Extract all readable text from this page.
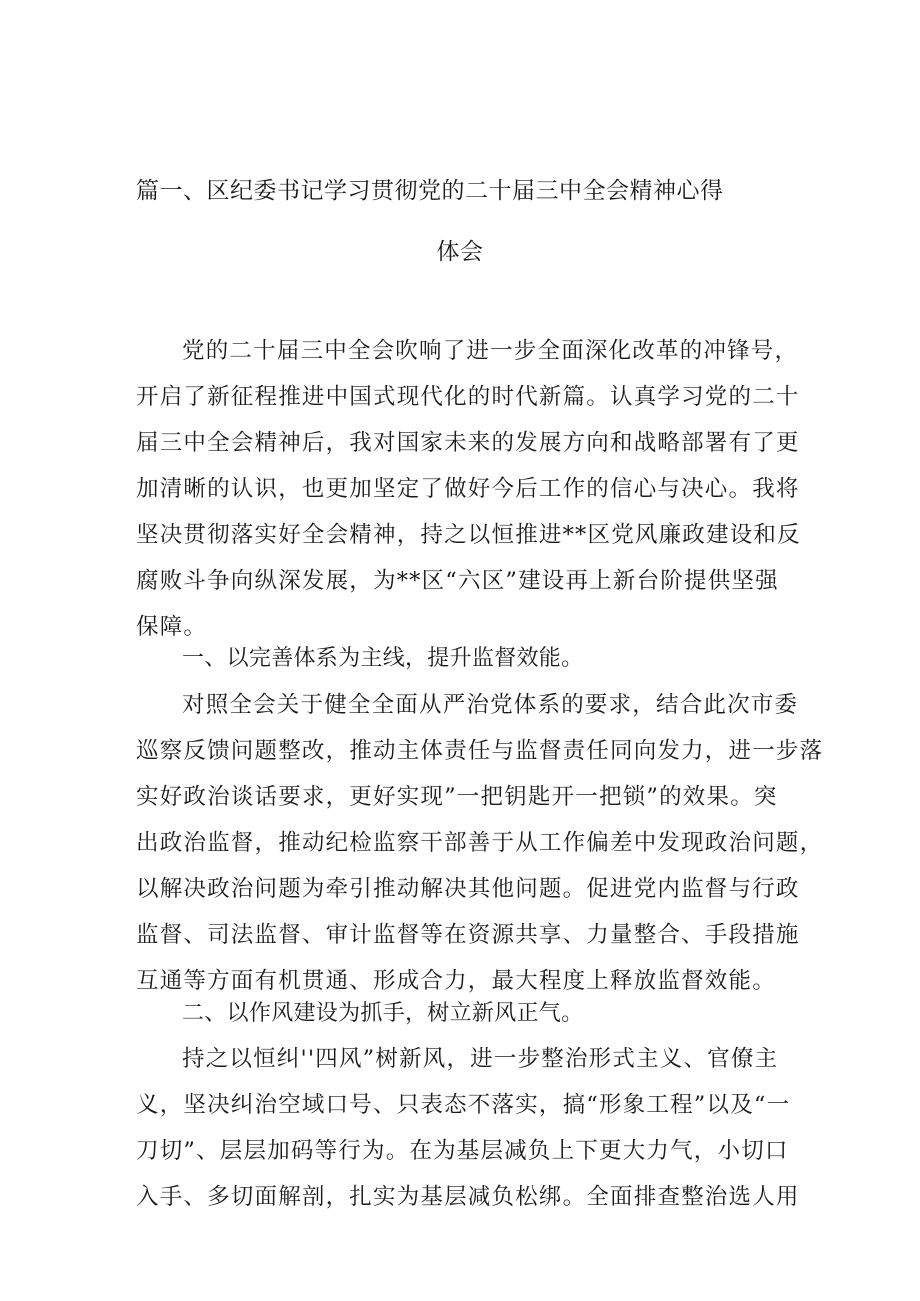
篇一、区纪委书记学习贯彻党的二十届三中全会精神心得
体会
党的二十届三中全会吹响了进一步全面深化改革的冲锋号，
开启了新征程推进中国式现代化的时代新篇。认真学习党的二十
届三中全会精神后，我对国家未来的发展方向和战略部署有了更
加清晰的认识，也更加坚定了做好今后工作的信心与决心。我将
坚决贯彻落实好全会精神，持之以恒推进**区党风廉政建设和反
腐败斗争向纵深发展，为**区“六区”建设再上新台阶提供坚强
保障。
一、以完善体系为主线，提升监督效能。
对照全会关于健全全面从严治党体系的要求，结合此次市委
巡察反馈问题整改，推动主体责任与监督责任同向发力，进一步落
实好政治谈话要求，更好实现”一把钥匙开一把锁”的效果。突
出政治监督，推动纪检监察干部善于从工作偏差中发现政治问题，
以解决政治问题为牵引推动解决其他问题。促进党内监督与行政
监督、司法监督、审计监督等在资源共享、力量整合、手段措施
互通等方面有机贯通、形成合力，最大程度上释放监督效能。
二、以作风建设为抓手，树立新风正气。
持之以恒纠''四风”树新风，进一步整治形式主义、官僚主
义，坚决纠治空域口号、只表态不落实，搞“形象工程”以及“一
刀切”、层层加码等行为。在为基层减负上下更大力气，小切口
入手、多切面解剖，扎实为基层减负松绑。全面排查整治选人用
